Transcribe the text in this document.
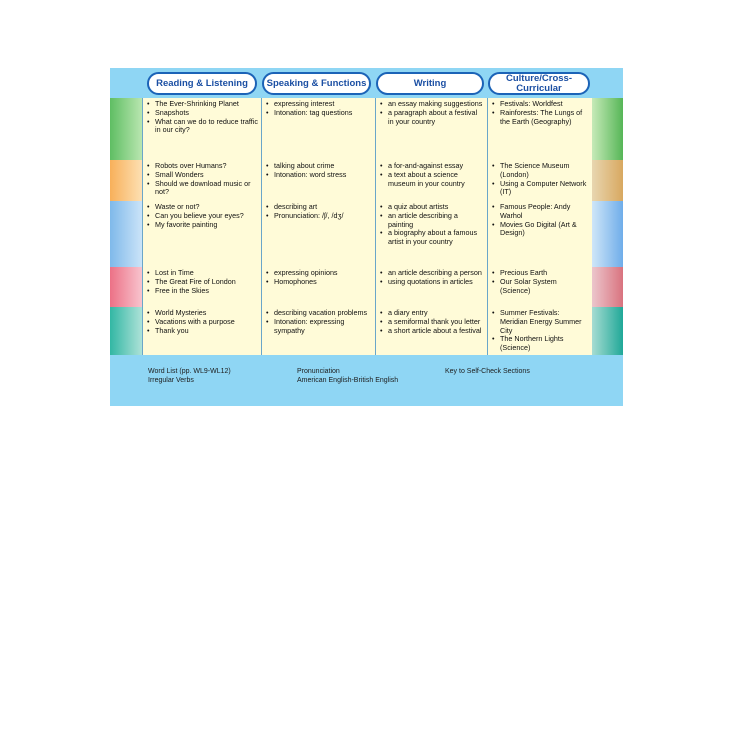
Reading & Listening Speaking & Functions	Writing	Culture/Cross-Curricular
• The Ever-Shrinking Planet
• Snapshots
• What can we do to reduce traffic in our city?
• expressing interest
• Intonation: tag questions
• an essay making suggestions
• a paragraph about a festival in your country
• Festivals: Worldfest
• Rainforests: The Lungs of the Earth (Geography)
• Robots over Humans?
• Small Wonders
• Should we download music or not?
• talking about crime
• Intonation: word stress
• a for-and-against essay
• a text about a science museum in your country
• The Science Museum (London)
• Using a Computer Network (IT)
• Waste or not?
• Can you believe your eyes?
• My favorite painting
• describing art
• Pronunciation: /ʃ/, /dʒ/
• a quiz about artists
• an article describing a painting
• a biography about a famous artist in your country
• Famous People: Andy Warhol
• Movies Go Digital (Art & Design)
• Lost in Time
• The Great Fire of London
• Free in the Skies
• expressing opinions
• Homophones
• an article describing a person
• using quotations in articles
• Precious Earth
• Our Solar System (Science)
• World Mysteries
• Vacations with a purpose
• Thank you
• describing vacation problems
• Intonation: expressing sympathy
• a diary entry
• a semiformal thank you letter
• a short article about a festival
• Summer Festivals: Meridian Energy Summer City
• The Northern Lights (Science)
Word List (pp. WL9-WL12)
Irregular Verbs
Pronunciation
American English-British English
Key to Self-Check Sections
